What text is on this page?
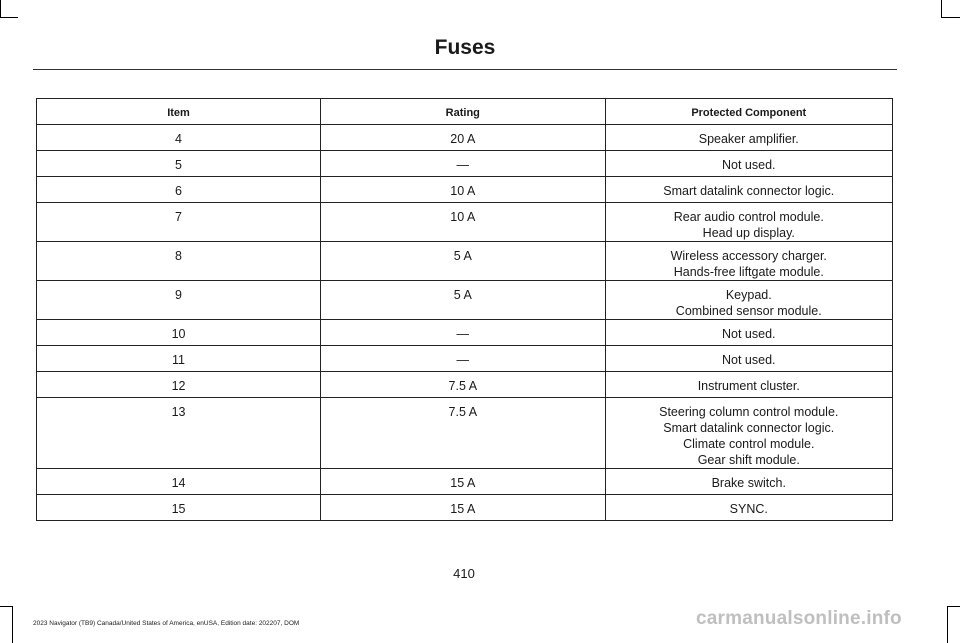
Fuses
Item	Rating	Protected Component
4	20 A	Speaker amplifier.

5	—	Not used.

6	10 A	Smart datalink connector logic.

7	10 A	Rear audio control module.
Head up display.

8	5 A	Wireless accessory charger.
Hands-free liftgate module.

9	5 A	Keypad.
Combined sensor module.

10	—	Not used.

11	—	Not used.

12	7.5 A	Instrument cluster.

13	7.5 A	Steering column control module.
Smart datalink connector logic.
Climate control module.
Gear shift module.

14	15 A	Brake switch.

15	15 A	SYNC.
410
2023 Navigator (TB9) Canada/United States of America, enUSA, Edition date: 202207, DOM	carmanualsonline.info
